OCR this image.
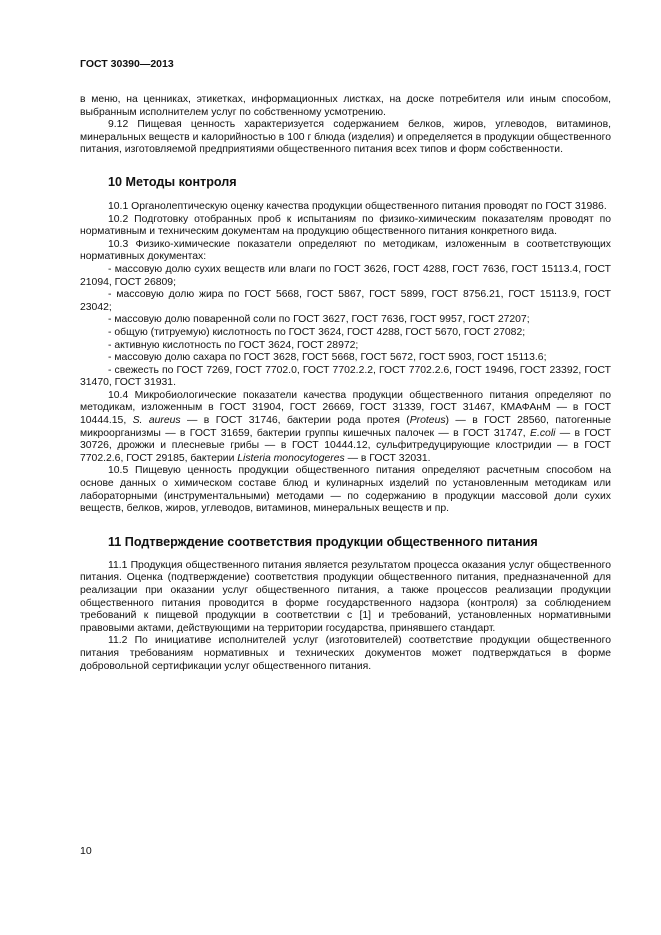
ГОСТ 30390—2013

в меню, на ценниках, этикетках, информационных листках, на доске потребителя или иным способом, выбранным исполнителем услуг по собственному усмотрению.

9.12 Пищевая ценность характеризуется содержанием белков, жиров, углеводов, витаминов, минеральных веществ и калорийностью в 100 г блюда (изделия) и определяется в продукции общественного питания, изготовляемой предприятиями общественного питания всех типов и форм собственности.

10 Методы контроля

10.1 Органолептическую оценку качества продукции общественного питания проводят по ГОСТ 31986.

10.2 Подготовку отобранных проб к испытаниям по физико-химическим показателям проводят по нормативным и техническим документам на продукцию общественного питания конкретного вида.

10.3 Физико-химические показатели определяют по методикам, изложенным в соответствующих нормативных документах:

- массовую долю сухих веществ или влаги по ГОСТ 3626, ГОСТ 4288, ГОСТ 7636, ГОСТ 15113.4, ГОСТ 21094, ГОСТ 26809;

- массовую долю жира по ГОСТ 5668, ГОСТ 5867, ГОСТ 5899, ГОСТ 8756.21, ГОСТ 15113.9, ГОСТ 23042;

- массовую долю поваренной соли по ГОСТ 3627, ГОСТ 7636, ГОСТ 9957, ГОСТ 27207;

- общую (титруемую) кислотность по ГОСТ 3624, ГОСТ 4288, ГОСТ 5670, ГОСТ 27082;

- активную кислотность по ГОСТ 3624, ГОСТ 28972;

- массовую долю сахара по ГОСТ 3628, ГОСТ 5668, ГОСТ 5672, ГОСТ 5903, ГОСТ 15113.6;

- свежесть по ГОСТ 7269, ГОСТ 7702.0, ГОСТ 7702.2.2, ГОСТ 7702.2.6, ГОСТ 19496, ГОСТ 23392, ГОСТ 31470, ГОСТ 31931.

10.4 Микробиологические показатели качества продукции общественного питания определяют по методикам, изложенным в ГОСТ 31904, ГОСТ 26669, ГОСТ 31339, ГОСТ 31467, КМАФАнМ — в ГОСТ 10444.15, S. aureus — в ГОСТ 31746, бактерии рода протея (Proteus) — в ГОСТ 28560, патогенные микроорганизмы — в ГОСТ 31659, бактерии группы кишечных палочек — в ГОСТ 31747, E.coli — в ГОСТ 30726, дрожжи и плесневые грибы — в ГОСТ 10444.12, сульфитредуцирующие клостридии — в ГОСТ 7702.2.6, ГОСТ 29185, бактерии Listeria monocytogeres — в ГОСТ 32031.

10.5 Пищевую ценность продукции общественного питания определяют расчетным способом на основе данных о химическом составе блюд и кулинарных изделий по установленным методикам или лабораторными (инструментальными) методами — по содержанию в продукции массовой доли сухих веществ, белков, жиров, углеводов, витаминов, минеральных веществ и пр.

11 Подтверждение соответствия продукции общественного питания

11.1 Продукция общественного питания является результатом процесса оказания услуг общественного питания. Оценка (подтверждение) соответствия продукции общественного питания, предназначенной для реализации при оказании услуг общественного питания, а также процессов реализации продукции общественного питания проводится в форме государственного надзора (контроля) за соблюдением требований к пищевой продукции в соответствии с [1] и требований, установленных нормативными правовыми актами, действующими на территории государства, принявшего стандарт.

11.2 По инициативе исполнителей услуг (изготовителей) соответствие продукции общественного питания требованиям нормативных и технических документов может подтверждаться в форме добровольной сертификации услуг общественного питания.

10
